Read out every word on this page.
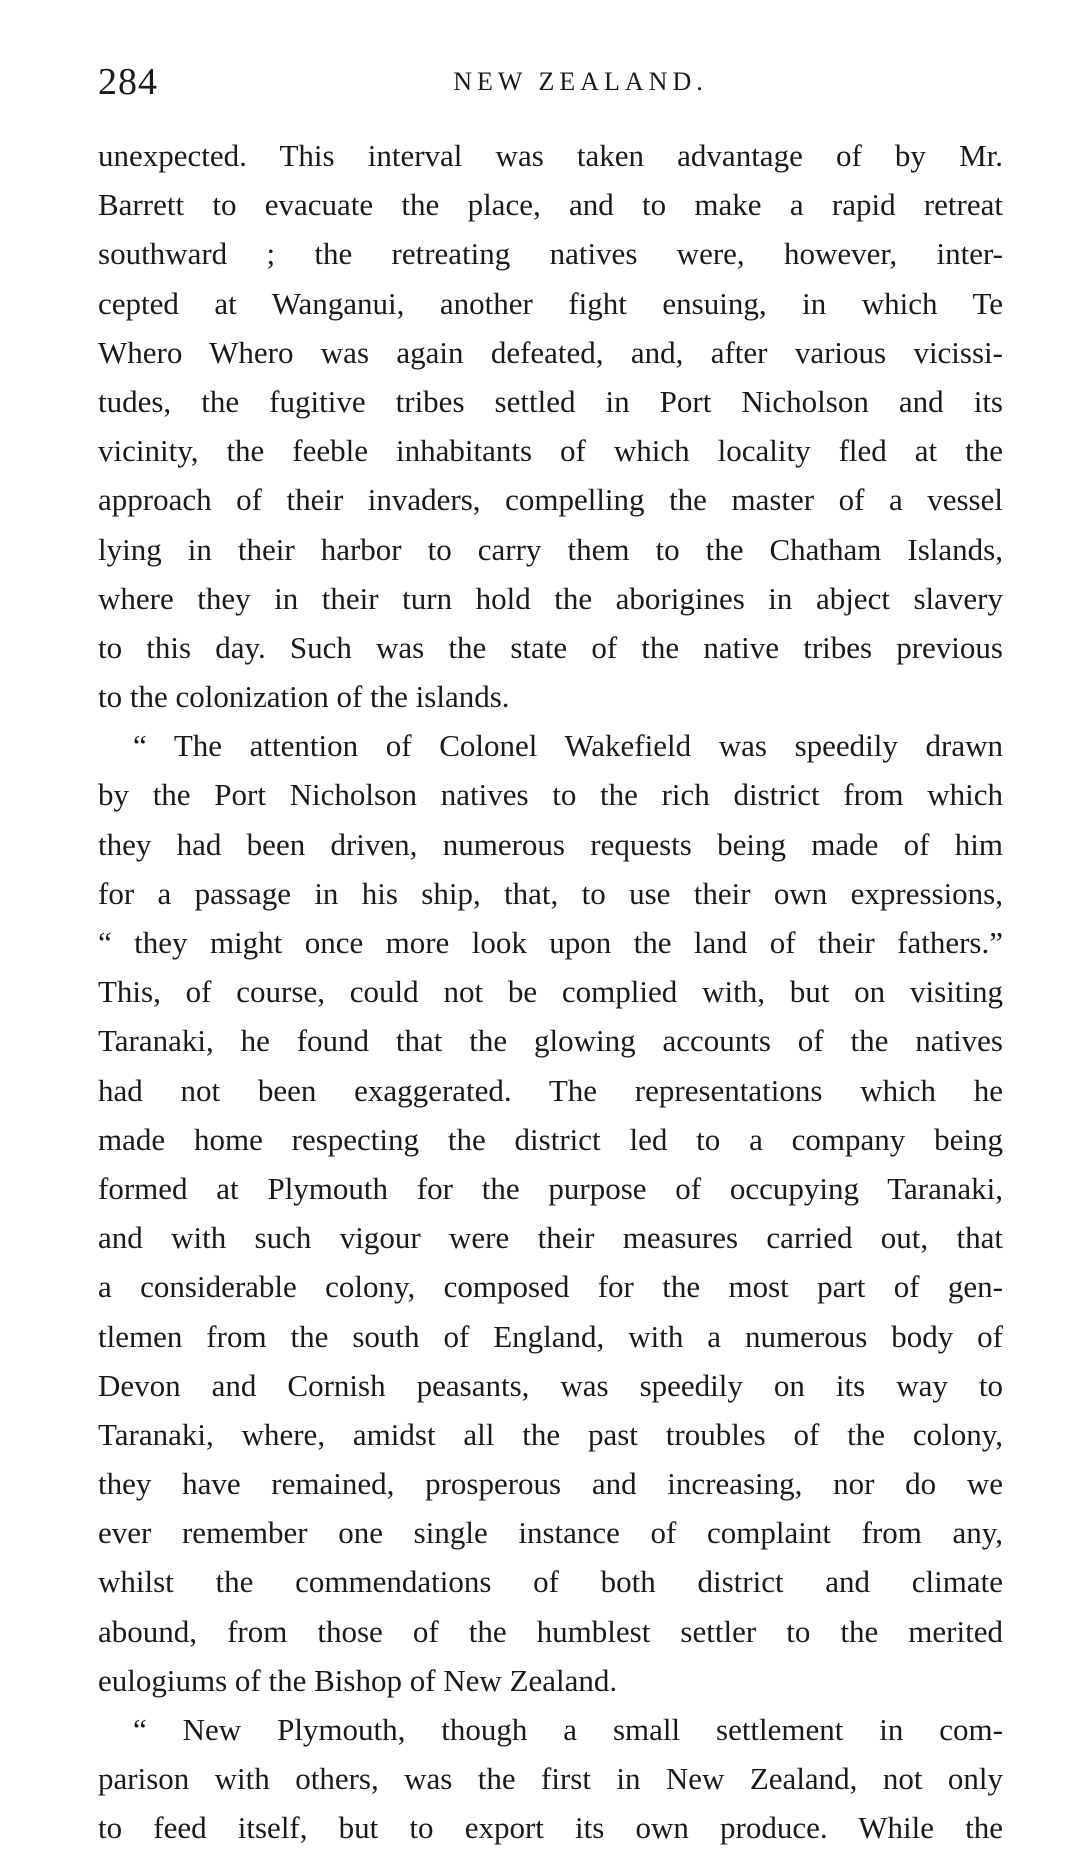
284	NEW ZEALAND.
unexpected. This interval was taken advantage of by Mr.
Barrett to evacuate the place, and to make a rapid retreat
southward ; the retreating natives were, however, inter-
cepted at Wanganui, another fight ensuing, in which Te
Whero Whero was again defeated, and, after various vicissi-
tudes, the fugitive tribes settled in Port Nicholson and its
vicinity, the feeble inhabitants of which locality fled at the
approach of their invaders, compelling the master of a vessel
lying in their harbor to carry them to the Chatham Islands,
where they in their turn hold the aborigines in abject slavery
to this day. Such was the state of the native tribes previous
to the colonization of the islands.
“ The attention of Colonel Wakefield was speedily drawn
by the Port Nicholson natives to the rich district from which
they had been driven, numerous requests being made of him
for a passage in his ship, that, to use their own expressions,
“ they might once more look upon the land of their fathers.”
This, of course, could not be complied with, but on visiting
Taranaki, he found that the glowing accounts of the natives
had not been exaggerated. The representations which he
made home respecting the district led to a company being
formed at Plymouth for the purpose of occupying Taranaki,
and with such vigour were their measures carried out, that
a considerable colony, composed for the most part of gen-
tlemen from the south of England, with a numerous body of
Devon and Cornish peasants, was speedily on its way to
Taranaki, where, amidst all the past troubles of the colony,
they have remained, prosperous and increasing, nor do we
ever remember one single instance of complaint from any,
whilst the commendations of both district and climate
abound, from those of the humblest settler to the merited
eulogiums of the Bishop of New Zealand.
“ New Plymouth, though a small settlement in com-
parison with others, was the first in New Zealand, not only
to feed itself, but to export its own produce. While the
